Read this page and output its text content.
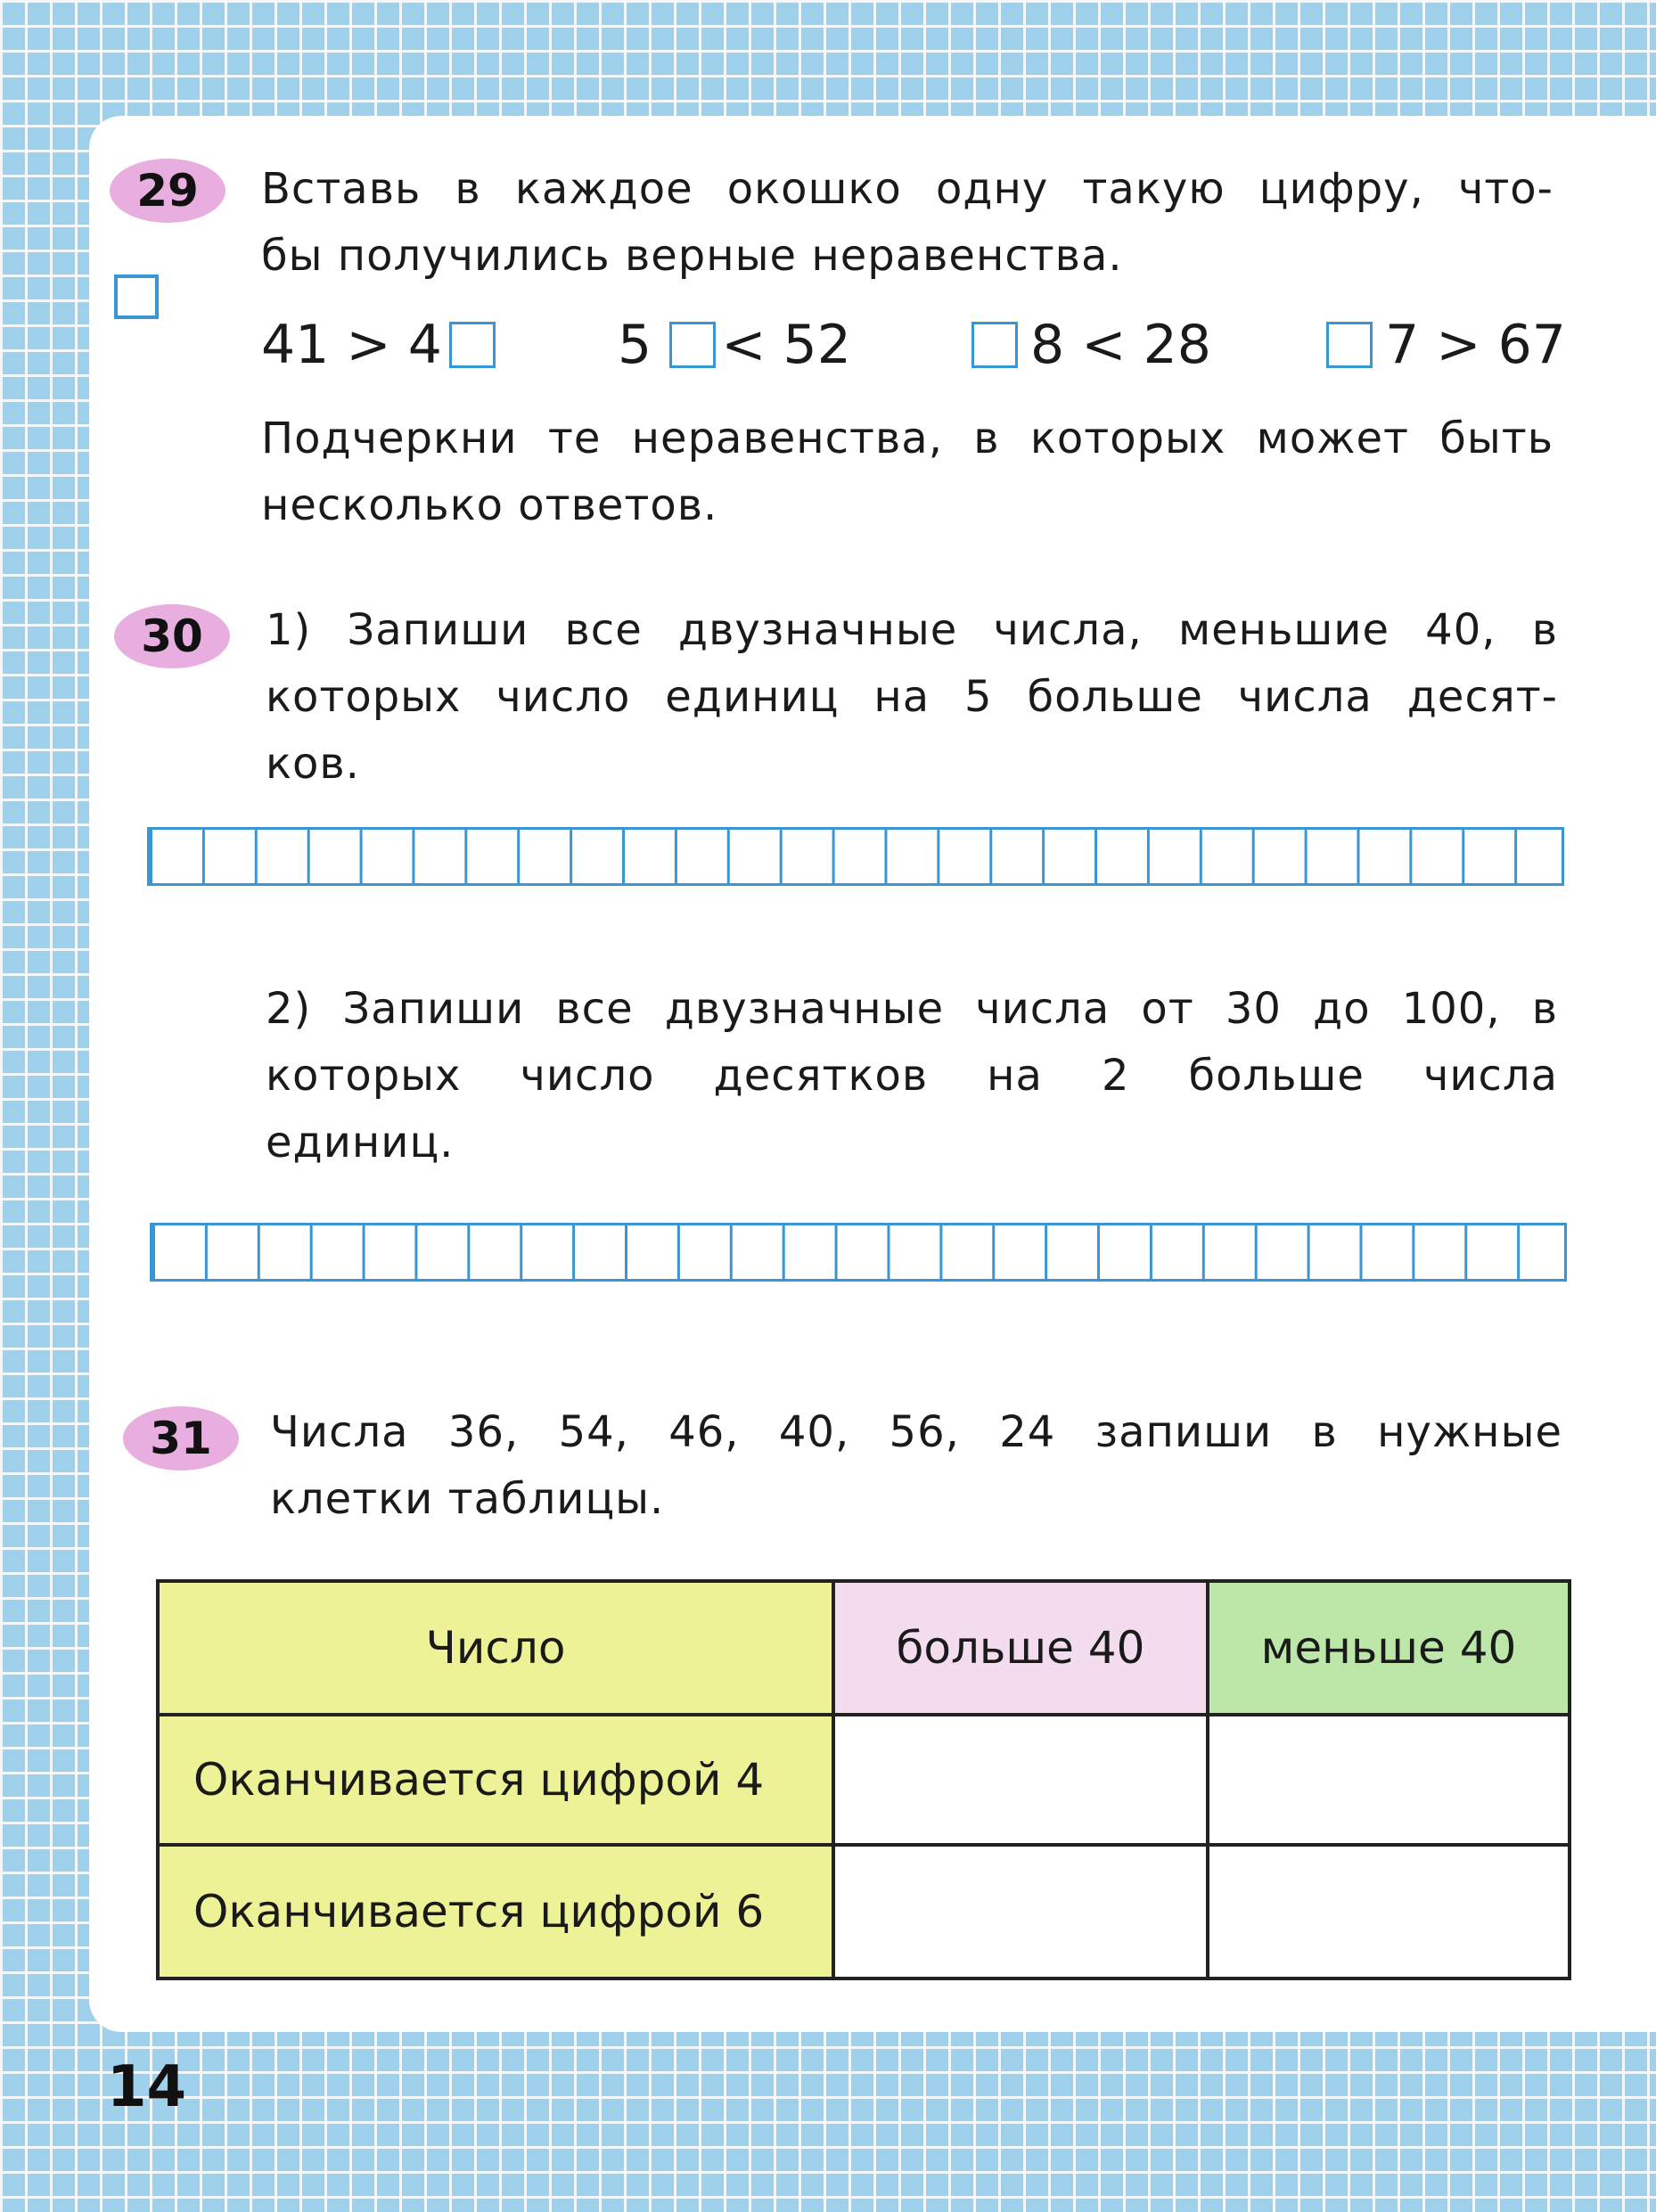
29	Вставь в каждое окошко одну такую цифру, что-
бы получились верные неравенства.
41 > 4	5 < 52	8 < 28	7 > 67
Подчеркни те неравенства, в которых может быть
несколько ответов.
30	1) Запиши все двузначные числа, меньшие 40, в
которых число единиц на 5 больше числа десят-
ков.
2) Запиши все двузначные числа от 30 до 100, в
которых число десятков на 2 больше числа
единиц.
31	Числа 36, 54, 46, 40, 56, 24 запиши в нужные
клетки таблицы.
Число	больше 40	меньше 40
Оканчивается цифрой 4		
Оканчивается цифрой 6		
14
